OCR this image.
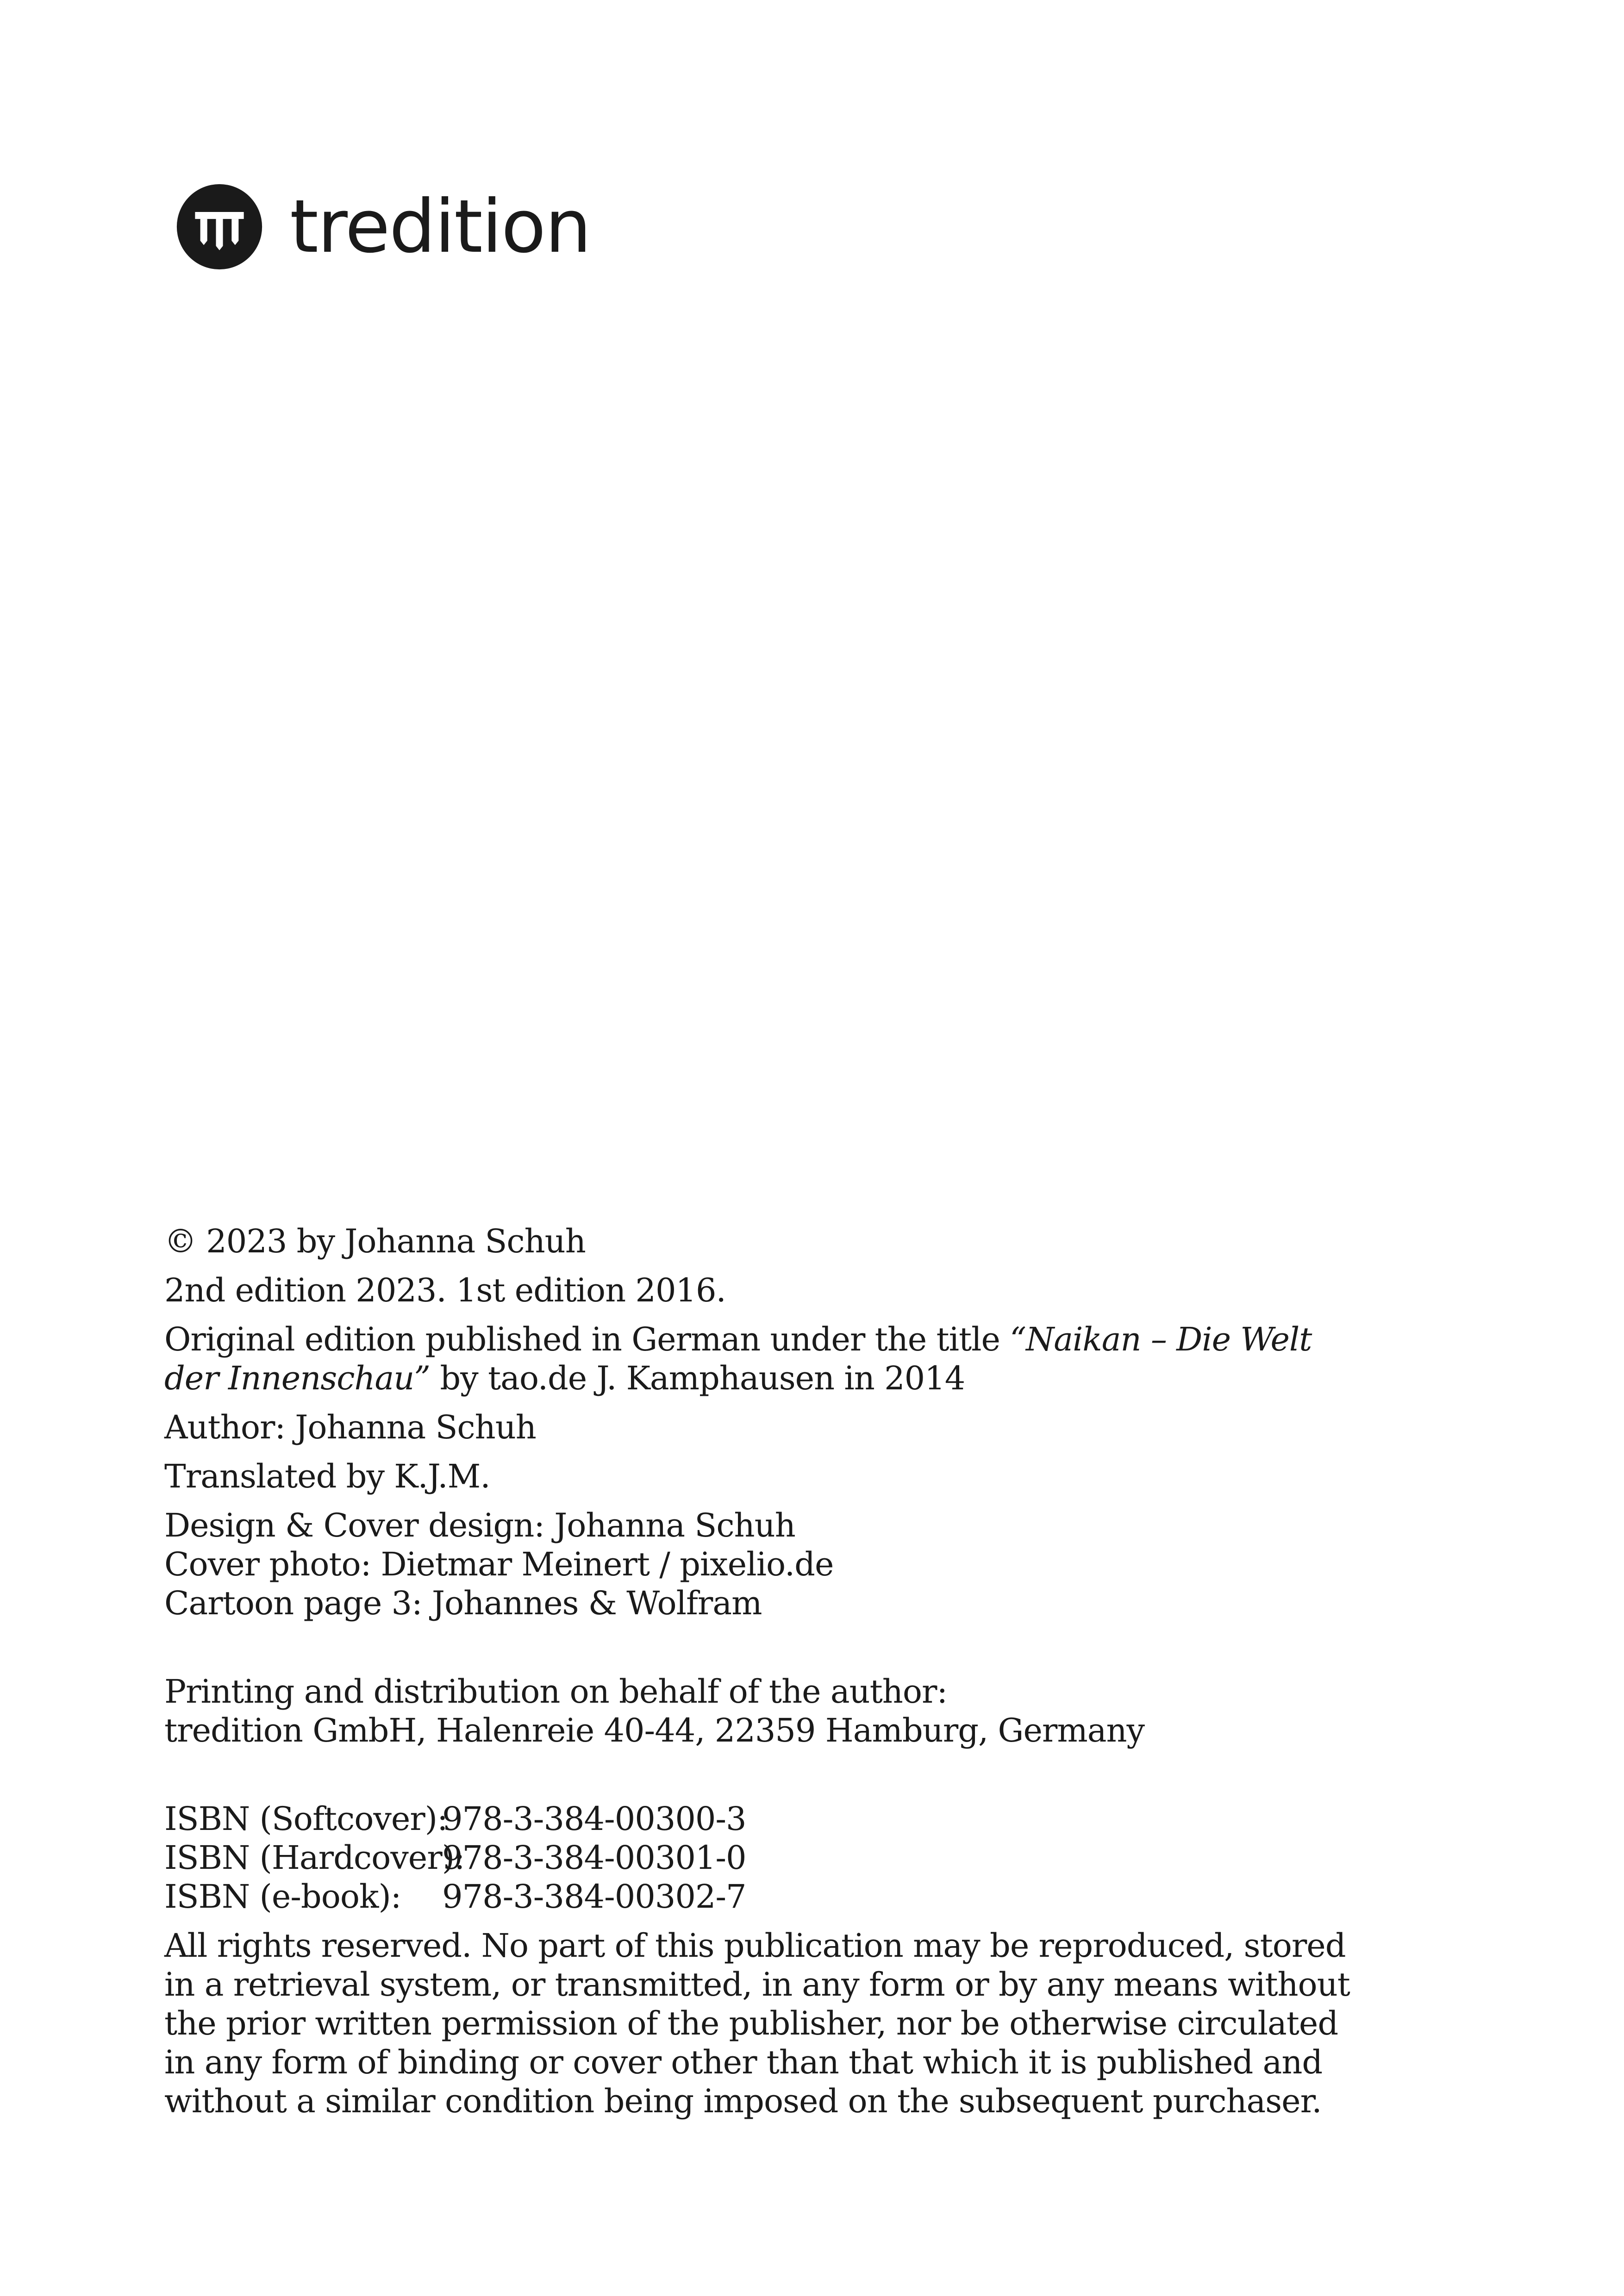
tredition
© 2023 by Johanna Schuh
2nd edition 2023. 1st edition 2016.
Original edition published in German under the title “Naikan – Die Welt der Innenschau” by tao.de J. Kamphausen in 2014
Author: Johanna Schuh
Translated by K.J.M.
Design & Cover design: Johanna Schuh
Cover photo: Dietmar Meinert / pixelio.de
Cartoon page 3: Johannes & Wolfram
Printing and distribution on behalf of the author:
tredition GmbH, Halenreie 40-44, 22359 Hamburg, Germany
ISBN (Softcover):
978-3-384-00300-3
ISBN (Hardcover):
978-3-384-00301-0
ISBN (e-book):	978-3-384-00302-7
All rights reserved. No part of this publication may be reproduced, stored in a retrieval system, or transmitted, in any form or by any means without the prior written permission of the publisher, nor be otherwise circulated in any form of binding or cover other than that which it is published and without a similar condition being imposed on the subsequent purchaser.
